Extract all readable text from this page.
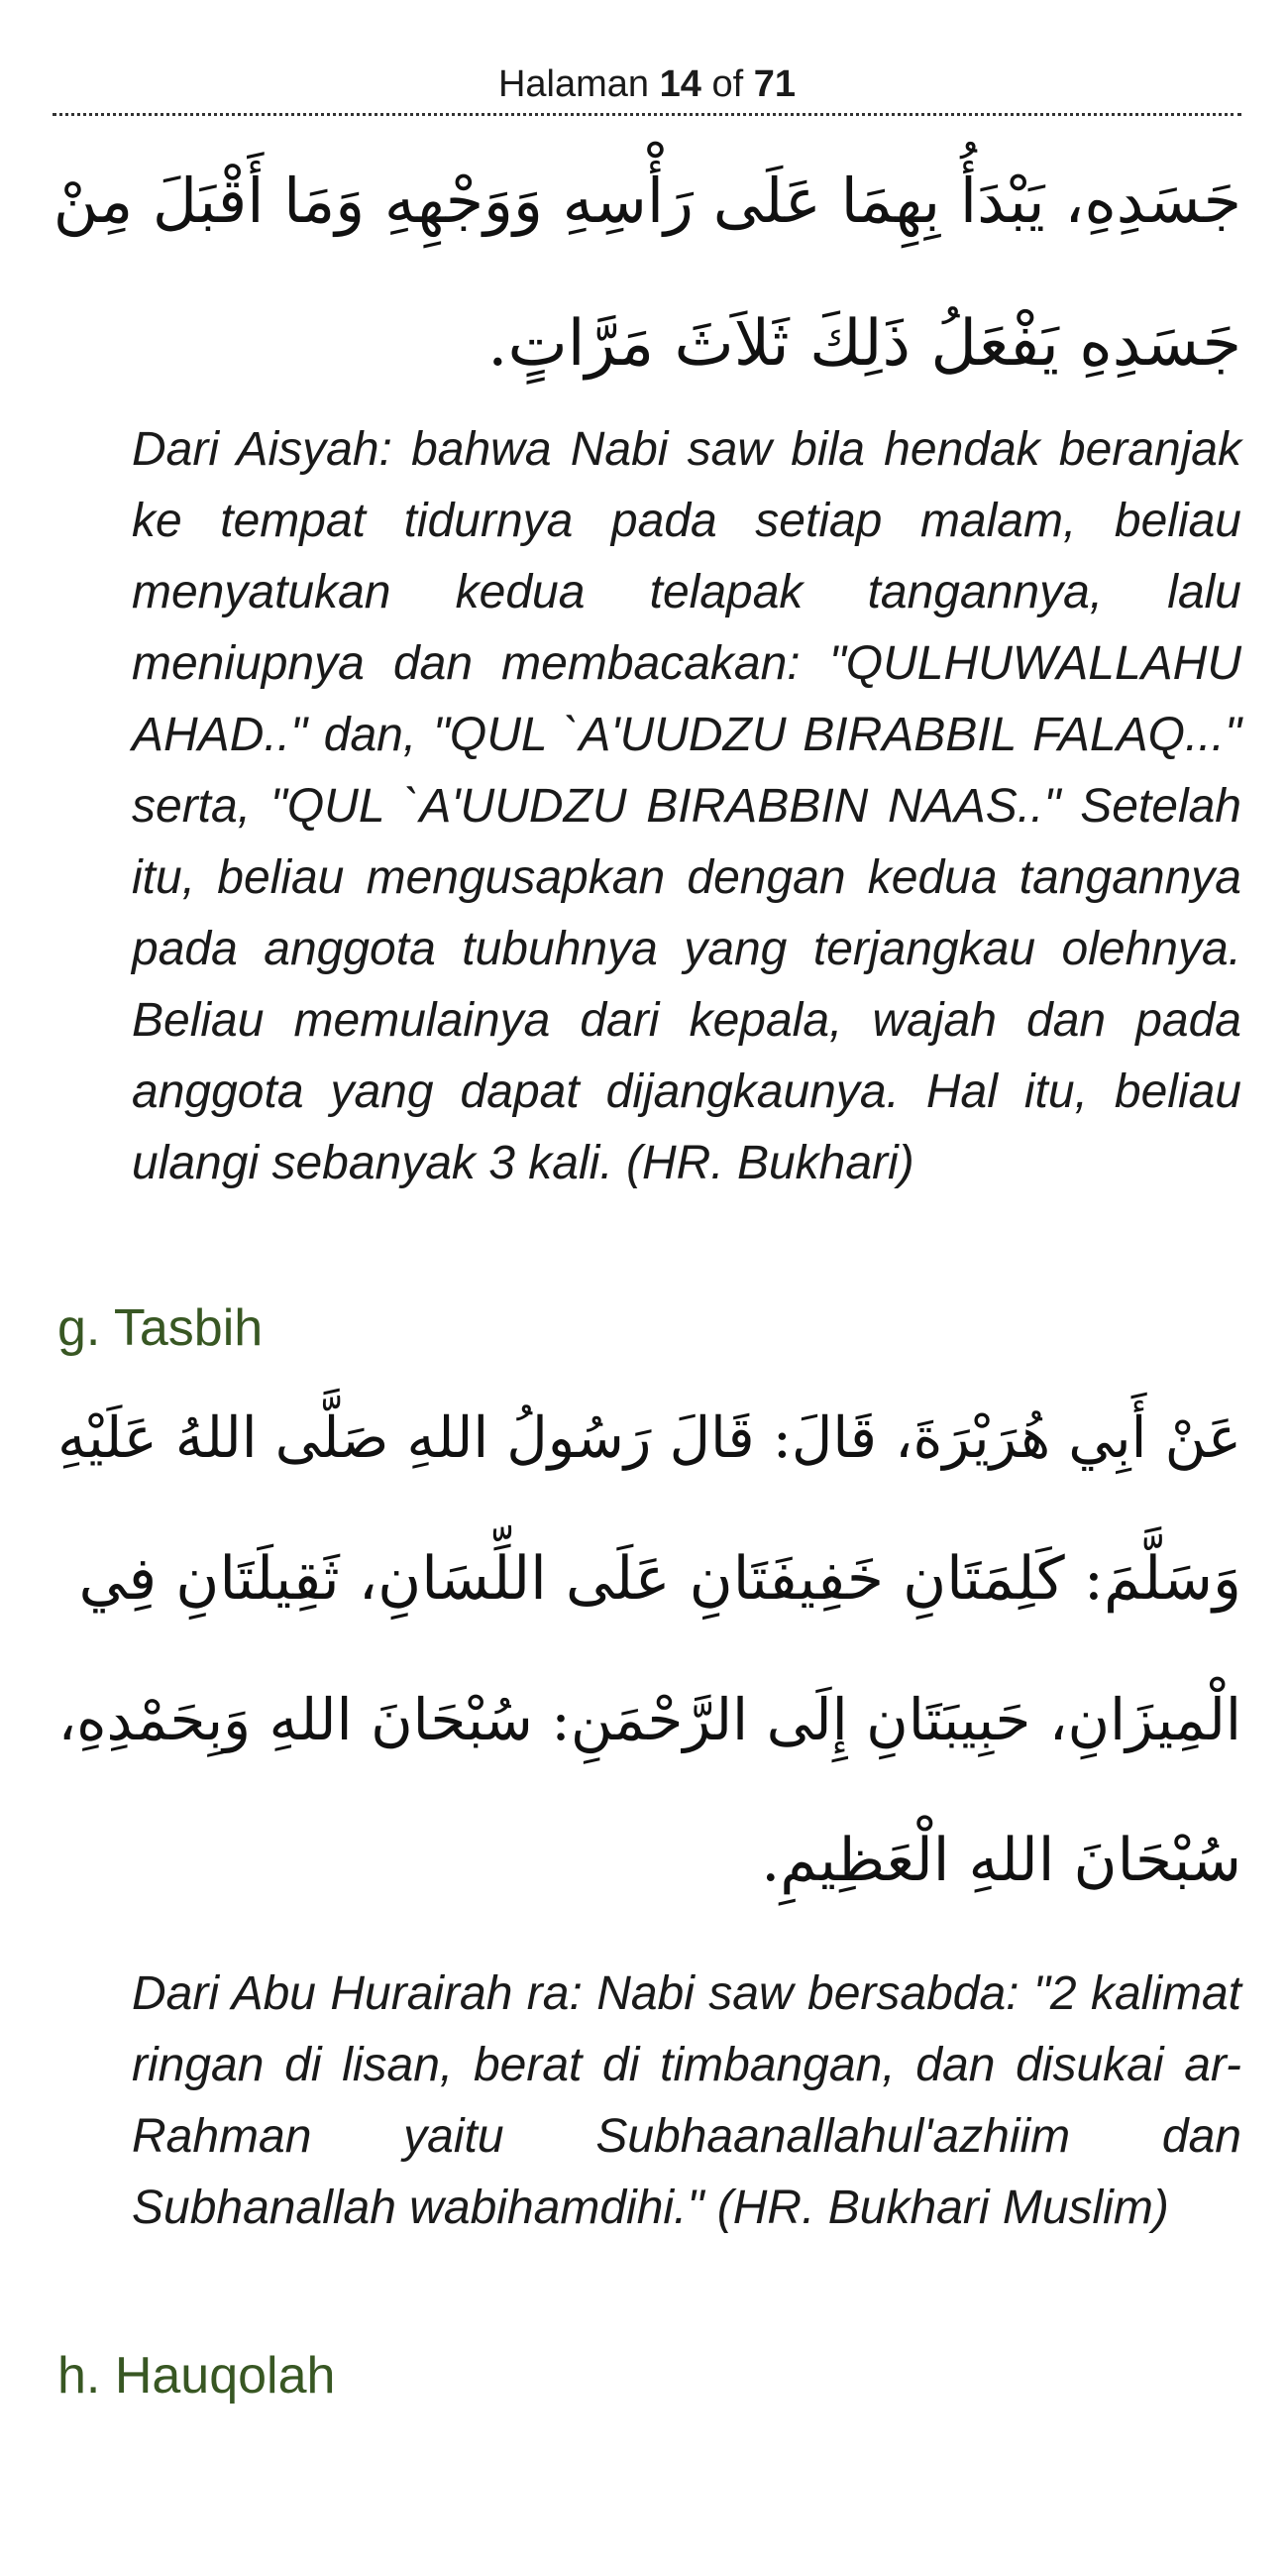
Halaman 14 of 71
جَسَدِهِ، يَبْدَأُ بِهِمَا عَلَى رَأْسِهِ وَوَجْهِهِ وَمَا أَقْبَلَ مِنْ
جَسَدِهِ يَفْعَلُ ذَلِكَ ثَلاَثَ مَرَّاتٍ.

Dari Aisyah: bahwa Nabi saw bila hendak beranjak ke tempat tidurnya pada setiap malam, beliau menyatukan kedua telapak tangannya, lalu meniupnya dan membacakan: "QULHUWALLAHU AHAD.." dan, "QUL `A'UUDZU BIRABBIL FALAQ..." serta, "QUL `A'UUDZU BIRABBIN NAAS.." Setelah itu, beliau mengusapkan dengan kedua tangannya pada anggota tubuhnya yang terjangkau olehnya. Beliau memulainya dari kepala, wajah dan pada anggota yang dapat dijangkaunya. Hal itu, beliau ulangi sebanyak 3 kali. (HR. Bukhari)

g. Tasbih
عَنْ أَبِي هُرَيْرَةَ، قَالَ: قَالَ رَسُولُ اللهِ صَلَّى اللهُ عَلَيْهِ
وَسَلَّمَ: كَلِمَتَانِ خَفِيفَتَانِ عَلَى اللِّسَانِ، ثَقِيلَتَانِ فِي
الْمِيزَانِ، حَبِيبَتَانِ إِلَى الرَّحْمَنِ: سُبْحَانَ اللهِ وَبِحَمْدِهِ،
سُبْحَانَ اللهِ الْعَظِيمِ.

Dari Abu Hurairah ra: Nabi saw bersabda: "2 kalimat ringan di lisan, berat di timbangan, dan disukai ar-Rahman yaitu Subhaanallahul'azhiim dan Subhanallah wabihamdihi." (HR. Bukhari Muslim)

h. Hauqolah
